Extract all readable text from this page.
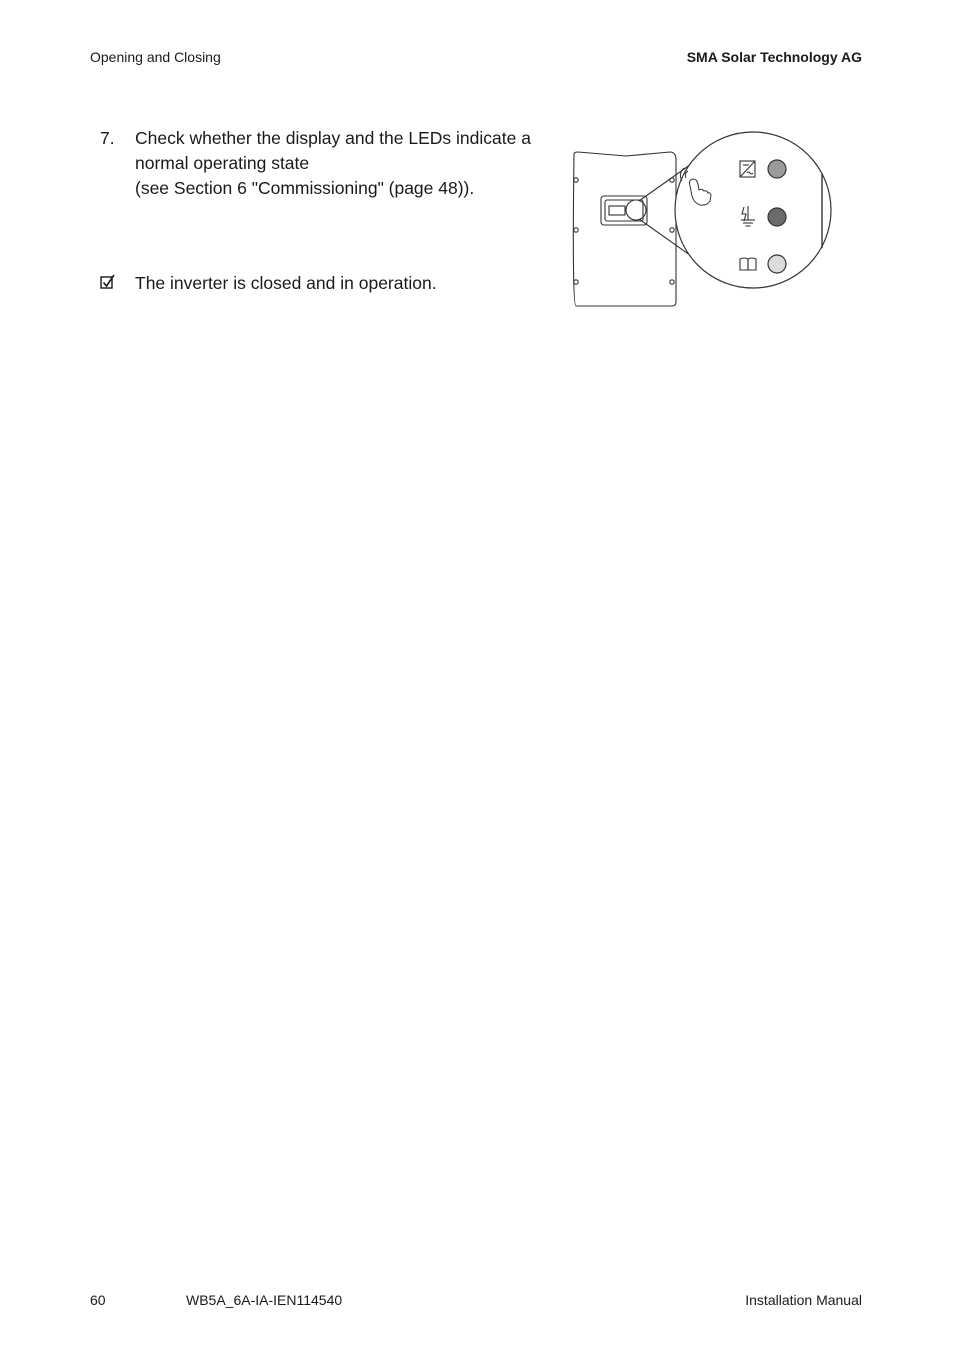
Opening and Closing	SMA Solar Technology AG
7. Check whether the display and the LEDs indicate a
normal operating state
(see Section 6 "Commissioning" (page 48)).
The inverter is closed and in operation.
60	WB5A_6A-IA-IEN114540	Installation Manual
